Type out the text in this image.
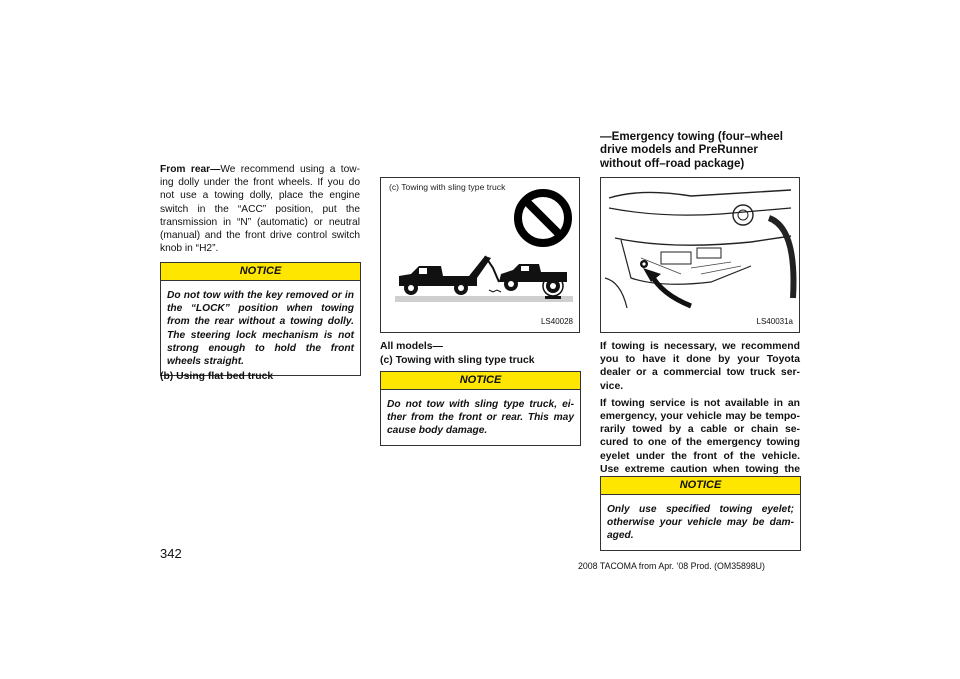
From rear—We recommend using a tow-ing dolly under the front wheels. If you do not use a towing dolly, place the engine switch in the “ACC” position, put the transmission in “N” (automatic) or neutral (manual) and the front drive control switch knob in “H2”.

NOTICE
Do not tow with the key removed or in the “LOCK” position when towing from the rear without a towing dolly. The steering lock mechanism is not strong enough to hold the front wheels straight.
(b) Using flat bed truck
(c) Towing with sling type truck
LS40028
All models—
(c) Towing with sling type truck
NOTICE
Do not tow with sling type truck, ei-ther from the front or rear. This may cause body damage.
—Emergency towing (four–wheel drive models and PreRunner without off–road package)
LS40031a

If towing is necessary, we recommend you to have it done by your Toyota dealer or a commercial tow truck ser-vice.

If towing service is not available in an emergency, your vehicle may be tempo-rarily towed by a cable or chain se-cured to one of the emergency towing eyelet under the front of the vehicle. Use extreme caution when towing the

NOTICE
Only use specified towing eyelet; otherwise your vehicle may be dam-aged.
342
2008 TACOMA from Apr. ’08 Prod. (OM35898U)
